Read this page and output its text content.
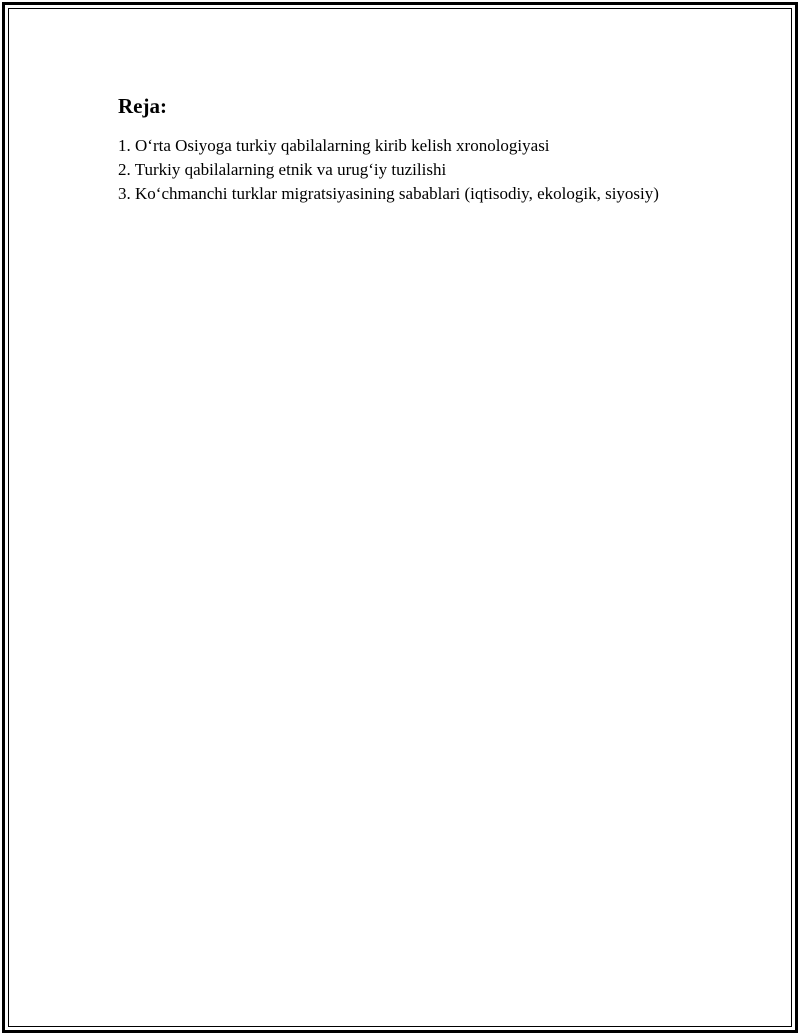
Reja:
1. O‘rta Osiyoga turkiy qabilalarning kirib kelish xronologiyasi
2. Turkiy qabilalarning etnik va urug‘iy tuzilishi
3. Ko‘chmanchi turklar migratsiyasining sabablari (iqtisodiy, ekologik, siyosiy)
